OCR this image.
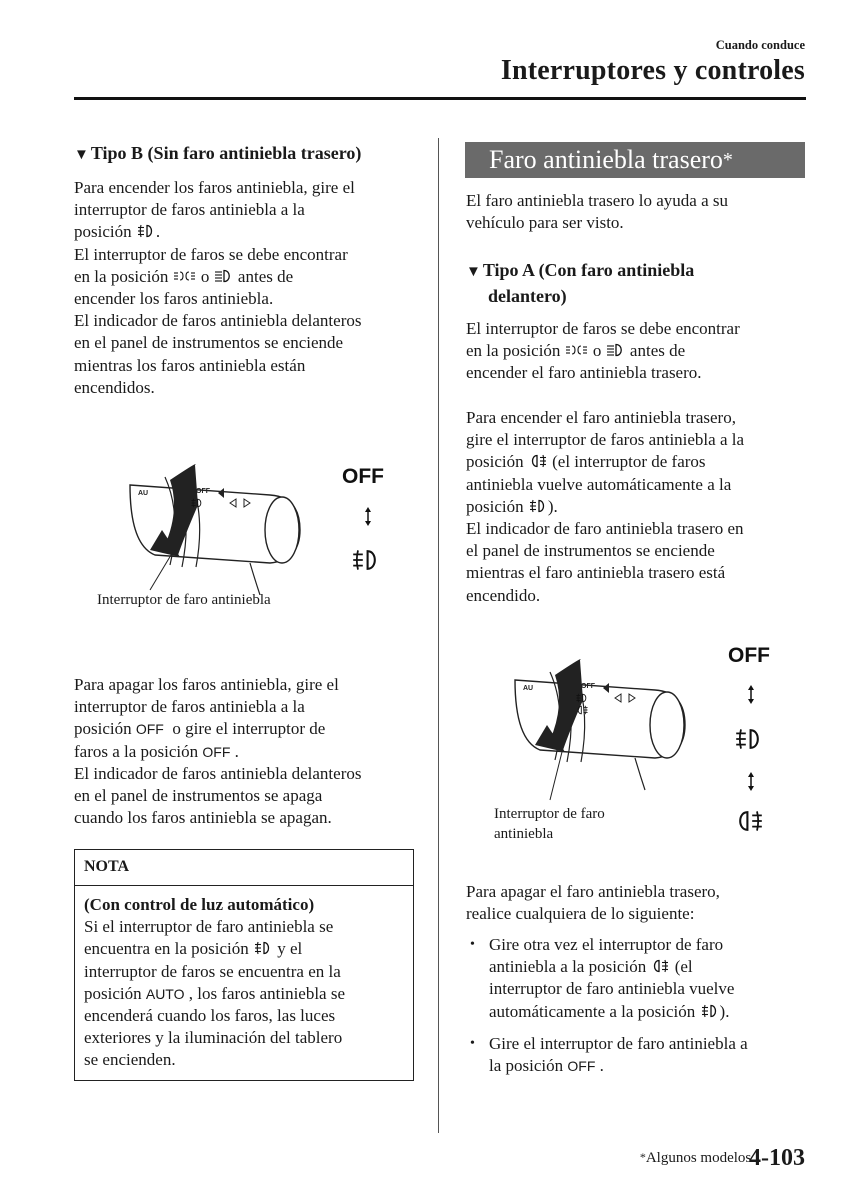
Cuando conduce
Interruptores y controles
▼ Tipo B (Sin faro antiniebla trasero)
Para encender los faros antiniebla, gire el
interruptor de faros antiniebla a la
posición .
El interruptor de faros se debe encontrar
en la posición o antes de
encender los faros antiniebla.
El indicador de faros antiniebla delanteros
en el panel de instrumentos se enciende
mientras los faros antiniebla están
encendidos.
OFF
AU
OFF
Interruptor de faro antiniebla
Para apagar los faros antiniebla, gire el
interruptor de faros antiniebla a la
posición OFF o gire el interruptor de
faros a la posición OFF .
El indicador de faros antiniebla delanteros
en el panel de instrumentos se apaga
cuando los faros antiniebla se apagan.
NOTA
(Con control de luz automático)
Si el interruptor de faro antiniebla se
encuentra en la posición y el
interruptor de faros se encuentra en la
posición AUTO , los faros antiniebla se
encenderá cuando los faros, las luces
exteriores y la iluminación del tablero
se encienden.
Faro antiniebla trasero*
El faro antiniebla trasero lo ayuda a su
vehículo para ser visto.
▼ Tipo A (Con faro antiniebla
delantero)
El interruptor de faros se debe encontrar
en la posición o antes de
encender el faro antiniebla trasero.
Para encender el faro antiniebla trasero,
gire el interruptor de faros antiniebla a la
posición (el interruptor de faros
antiniebla vuelve automáticamente a la
posición ).
El indicador de faro antiniebla trasero en
el panel de instrumentos se enciende
mientras el faro antiniebla trasero está
encendido.
OFF
AU
OFF
Interruptor de faro
antiniebla
Para apagar el faro antiniebla trasero,
realice cualquiera de lo siguiente:
• Gire otra vez el interruptor de faro
antiniebla a la posición (el
interruptor de faro antiniebla vuelve
automáticamente a la posición ).
• Gire el interruptor de faro antiniebla a
la posición OFF .
*Algunos modelos.
4-103
